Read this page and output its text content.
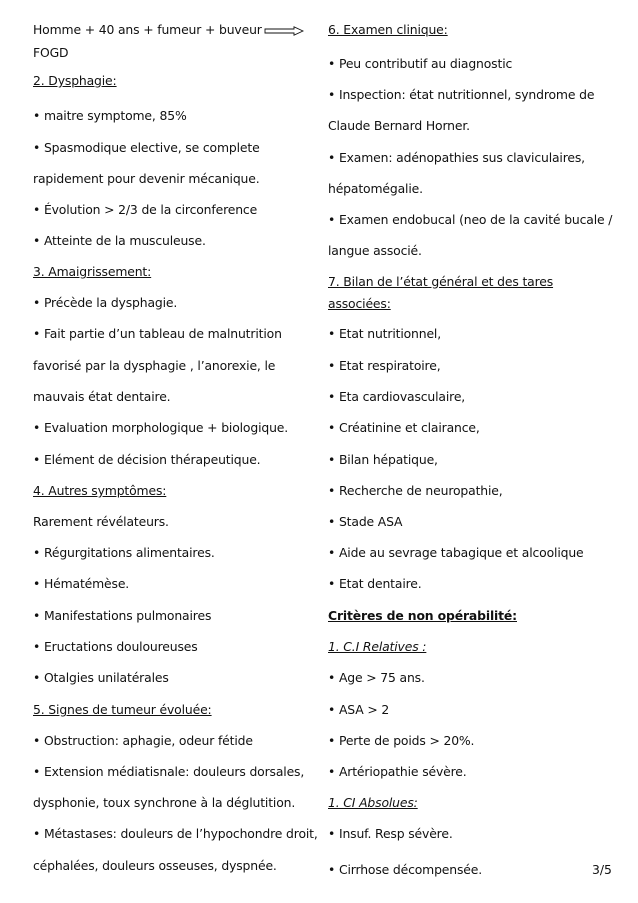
Homme + 40 ans + fumeur + buveur
FOGD
2. Dysphagie:
• maitre symptome, 85%
• Spasmodique elective, se complete
rapidement pour devenir mécanique.
• Évolution > 2/3 de la circonference
• Atteinte de la musculeuse.
3. Amaigrissement:
• Précède la dysphagie.
• Fait partie d’un tableau de malnutrition
favorisé par la dysphagie , l’anorexie, le
mauvais état dentaire.
• Evaluation morphologique + biologique.
• Elément de décision thérapeutique.
4. Autres symptômes:
Rarement révélateurs.
• Régurgitations alimentaires.
• Hématémèse.
• Manifestations pulmonaires
• Eructations douloureuses
• Otalgies unilatérales
5. Signes de tumeur évoluée:
• Obstruction: aphagie, odeur fétide
• Extension médiatisnale: douleurs dorsales,
dysphonie, toux synchrone à la déglutition.
• Métastases: douleurs de l’hypochondre droit,
céphalées, douleurs osseuses, dyspnée.
6. Examen clinique:
• Peu contributif au diagnostic
• Inspection: état nutritionnel, syndrome de
Claude Bernard Horner.
• Examen: adénopathies sus claviculaires,
hépatomégalie.
• Examen endobucal (neo de la cavité bucale /
langue associé.
7. Bilan de l’état général et des tares
associées:
• Etat nutritionnel,
• Etat respiratoire,
• Eta cardiovasculaire,
• Créatinine et clairance,
• Bilan hépatique,
• Recherche de neuropathie,
• Stade ASA
• Aide au sevrage tabagique et alcoolique
• Etat dentaire.
Critères de non opérabilité:
1. C.I Relatives :
• Age > 75 ans.
• ASA > 2
• Perte de poids > 20%.
• Artériopathie sévère.
1. CI Absolues:
• Insuf. Resp sévère.
• Cirrhose décompensée.	3/5
